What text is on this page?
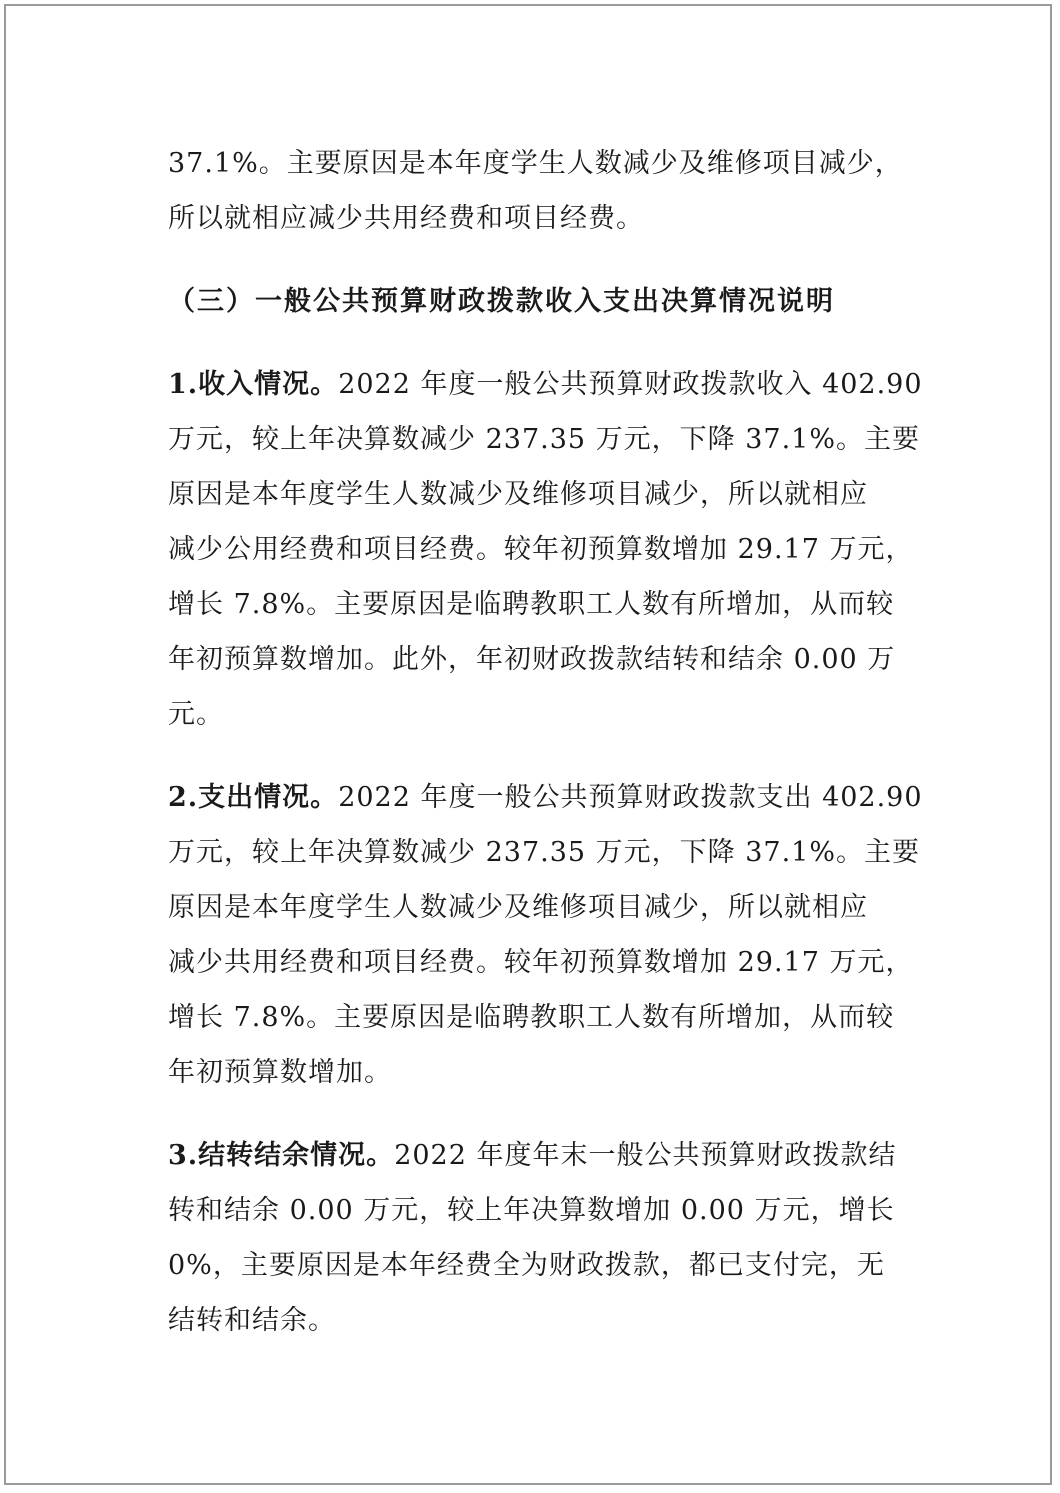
37.1%。主要原因是本年度学生人数减少及维修项目减少，
所以就相应减少共用经费和项目经费。

（三）一般公共预算财政拨款收入支出决算情况说明

1.收入情况。2022 年度一般公共预算财政拨款收入 402.90
万元，较上年决算数减少 237.35 万元，下降 37.1%。主要
原因是本年度学生人数减少及维修项目减少，所以就相应
减少公用经费和项目经费。较年初预算数增加 29.17 万元，
增长 7.8%。主要原因是临聘教职工人数有所增加，从而较
年初预算数增加。此外，年初财政拨款结转和结余 0.00 万
元。

2.支出情况。2022 年度一般公共预算财政拨款支出 402.90
万元，较上年决算数减少 237.35 万元，下降 37.1%。主要
原因是本年度学生人数减少及维修项目减少，所以就相应
减少共用经费和项目经费。较年初预算数增加 29.17 万元，
增长 7.8%。主要原因是临聘教职工人数有所增加，从而较
年初预算数增加。

3.结转结余情况。2022 年度年末一般公共预算财政拨款结
转和结余 0.00 万元，较上年决算数增加 0.00 万元，增长
0%，主要原因是本年经费全为财政拨款，都已支付完，无
结转和结余。
